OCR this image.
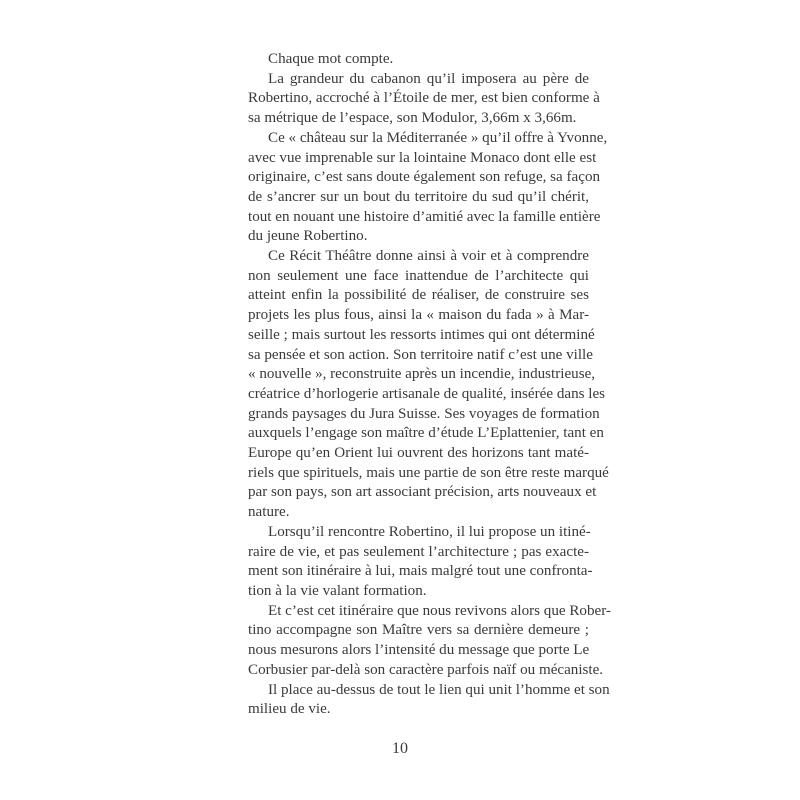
Chaque mot compte.
La grandeur du cabanon qu’il imposera au père de
Robertino, accroché à l’Étoile de mer, est bien conforme à
sa métrique de l’espace, son Modulor, 3,66m x 3,66m.
Ce « château sur la Méditerranée » qu’il offre à Yvonne,
avec vue imprenable sur la lointaine Monaco dont elle est
originaire, c’est sans doute également son refuge, sa façon
de s’ancrer sur un bout du territoire du sud qu’il chérit,
tout en nouant une histoire d’amitié avec la famille entière
du jeune Robertino.
Ce Récit Théâtre donne ainsi à voir et à comprendre
non seulement une face inattendue de l’architecte qui
atteint enfin la possibilité de réaliser, de construire ses
projets les plus fous, ainsi la « maison du fada » à Mar-
seille ; mais surtout les ressorts intimes qui ont déterminé
sa pensée et son action. Son territoire natif c’est une ville
« nouvelle », reconstruite après un incendie, industrieuse,
créatrice d’horlogerie artisanale de qualité, insérée dans les
grands paysages du Jura Suisse. Ses voyages de formation
auxquels l’engage son maître d’étude L’Eplattenier, tant en
Europe qu’en Orient lui ouvrent des horizons tant maté-
riels que spirituels, mais une partie de son être reste marqué
par son pays, son art associant précision, arts nouveaux et
nature.
Lorsqu’il rencontre Robertino, il lui propose un itiné-
raire de vie, et pas seulement l’architecture ; pas exacte-
ment son itinéraire à lui, mais malgré tout une confronta-
tion à la vie valant formation.
Et c’est cet itinéraire que nous revivons alors que Rober-
tino accompagne son Maître vers sa dernière demeure ;
nous mesurons alors l’intensité du message que porte Le
Corbusier par-delà son caractère parfois naïf ou mécaniste.
Il place au-dessus de tout le lien qui unit l’homme et son
milieu de vie.
10
